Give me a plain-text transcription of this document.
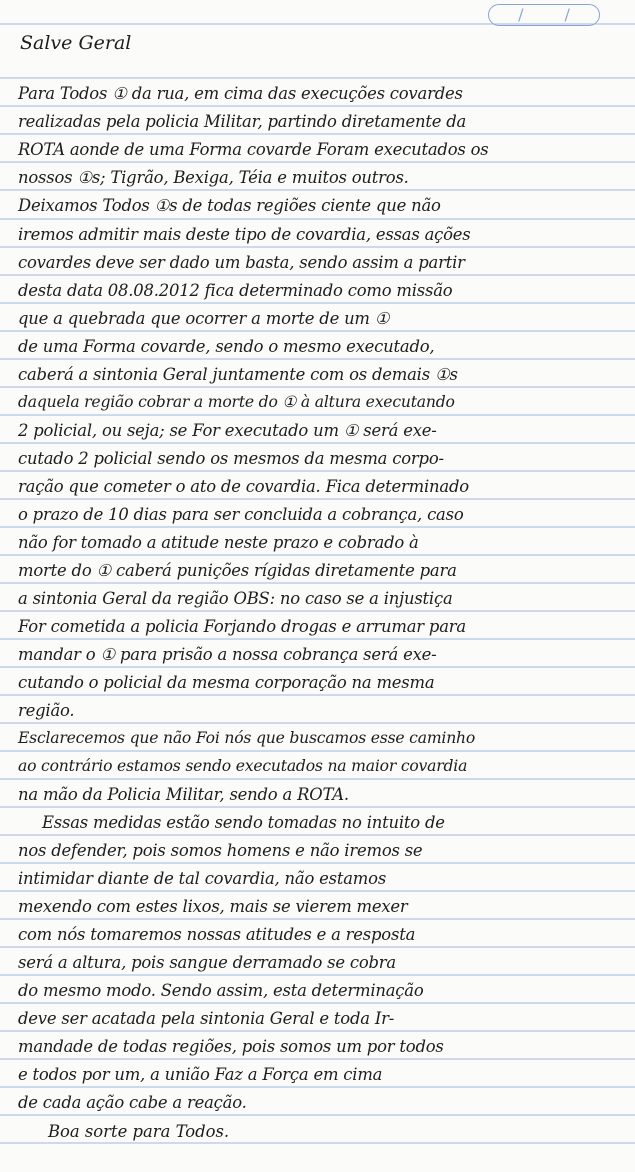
/ /

Salve Geral

Para Todos ① da rua, em cima das execuções covardes

realizadas pela policia Militar, partindo diretamente da

ROTA aonde de uma Forma covarde Foram executados os

nossos ①s; Tigrão, Bexiga, Téia e muitos outros.

Deixamos Todos ①s de todas regiões ciente que não

iremos admitir mais deste tipo de covardia, essas ações

covardes deve ser dado um basta, sendo assim a partir

desta data 08.08.2012 fica determinado como missão

que a quebrada que ocorrer a morte de um ①

de uma Forma covarde, sendo o mesmo executado,

caberá a sintonia Geral juntamente com os demais ①s

daquela região cobrar a morte do ① à altura executando

2 policial, ou seja; se For executado um ① será exe-

cutado 2 policial sendo os mesmos da mesma corpo-

ração que cometer o ato de covardia. Fica determinado

o prazo de 10 dias para ser concluida a cobrança, caso

não for tomado a atitude neste prazo e cobrado à

morte do ① caberá punições rígidas diretamente para

a sintonia Geral da região OBS: no caso se a injustiça

For cometida a policia Forjando drogas e arrumar para

mandar o ① para prisão a nossa cobrança será exe-

cutando o policial da mesma corporação na mesma

região.

Esclarecemos que não Foi nós que buscamos esse caminho

ao contrário estamos sendo executados na maior covardia

na mão da Policia Militar, sendo a ROTA.

Essas medidas estão sendo tomadas no intuito de

nos defender, pois somos homens e não iremos se

intimidar diante de tal covardia, não estamos

mexendo com estes lixos, mais se vierem mexer

com nós tomaremos nossas atitudes e a resposta

será a altura, pois sangue derramado se cobra

do mesmo modo. Sendo assim, esta determinação

deve ser acatada pela sintonia Geral e toda Ir-

mandade de todas regiões, pois somos um por todos

e todos por um, a união Faz a Força em cima

de cada ação cabe a reação.

Boa sorte para Todos.
